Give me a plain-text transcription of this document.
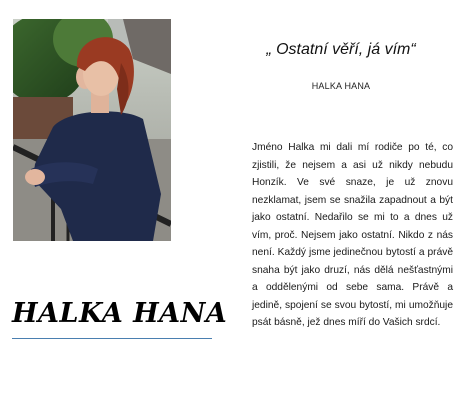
„ Ostatní věří, já vím“
HALKA HANA
Jméno Halka mi dali mí rodiče po té, co zjistili, že nejsem a asi už nikdy nebudu Honzík. Ve své snaze, je už znovu nezklamat, jsem se snažila zapadnout a být jako ostatní. Nedařilo se mi to a dnes už vím, proč. Nejsem jako ostatní. Nikdo z nás není. Každý jsme jedinečnou bytostí a právě snaha být jako druzí, nás dělá nešťastnými a oddělenými od sebe sama. Právě a jedině, spojení se svou bytostí, mi umožňuje psát básně, jež dnes míří do Vašich srdcí.
HALKA HANA
